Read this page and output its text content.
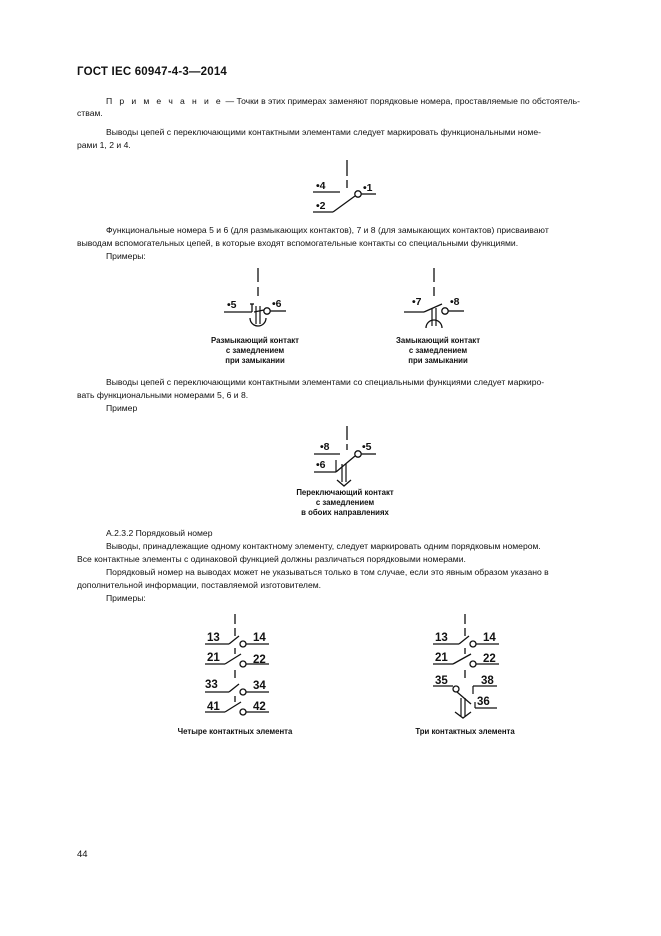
ГОСТ IEC 60947-4-3—2014

П р и м е ч а н и е — Точки в этих примерах заменяют порядковые номера, проставляемые по обстоятель-

ствам.

Выводы цепей с переключающими контактными элементами следует маркировать функциональными номе-

рами 1, 2 и 4.

•4	•1
•2

Функциональные номера 5 и 6 (для размыкающих контактов), 7 и 8 (для замыкающих контактов) присваивают

выводам вспомогательных цепей, в которые входят вспомогательные контакты со специальными функциями.

Примеры:

•5	•6
Размыкающий контакт
с замедлением
при замыкании
•7	•8
Замыкающий контакт
с замедлением
при замыкании

Выводы цепей с переключающими контактными элементами со специальными функциями следует маркиро-

вать функциональными номерами 5, 6 и 8.

Пример

•8	•5
•6
Переключающий контакт
с замедлением
в обоих направлениях

А.2.3.2 Порядковый номер

Выводы, принадлежащие одному контактному элементу, следует маркировать одним порядковым номером.

Все контактные элементы с одинаковой функцией должны различаться порядковыми номерами.

Порядковый номер на выводах может не указываться только в том случае, если это явным образом указано в

дополнительной информации, поставляемой изготовителем.

Примеры:

13	14
21	22
33	34
41	42
Четыре контактных элемента
13	14
21	22
35	38
36
Три контактных элемента
44
